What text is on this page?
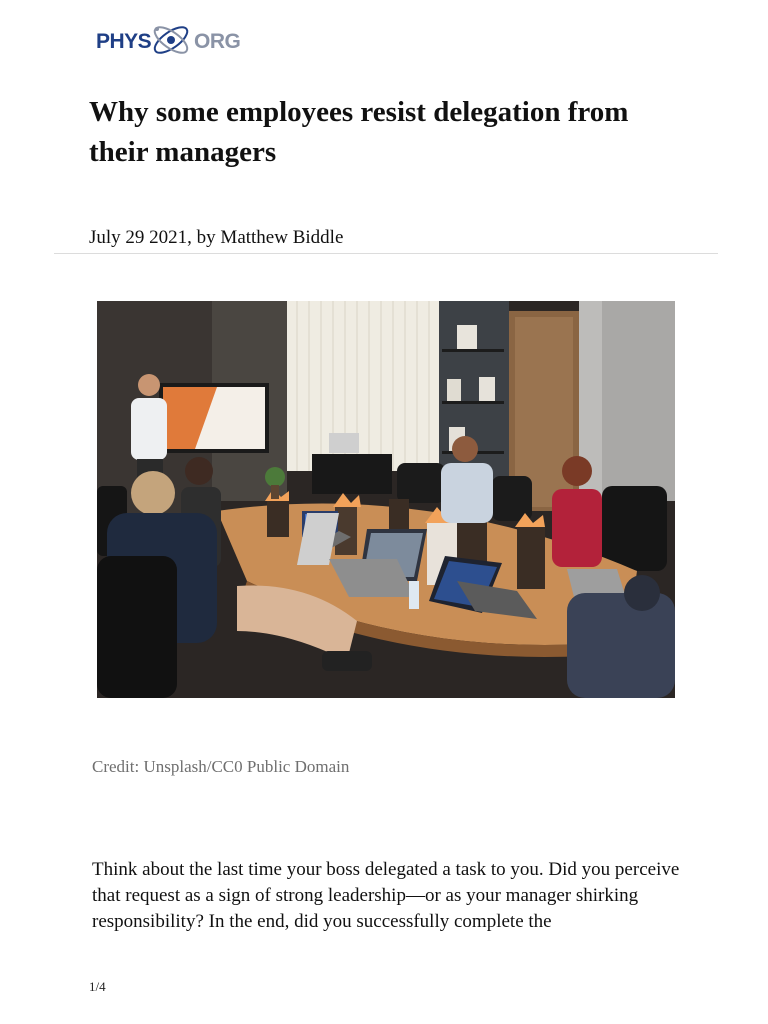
PHYS ORG
Why some employees resist delegation from their managers
July 29 2021, by Matthew Biddle
Credit: Unsplash/CC0 Public Domain

Think about the last time your boss delegated a task to you. Did you perceive that request as a sign of strong leadership—or as your manager shirking responsibility? In the end, did you successfully complete the

1/4
